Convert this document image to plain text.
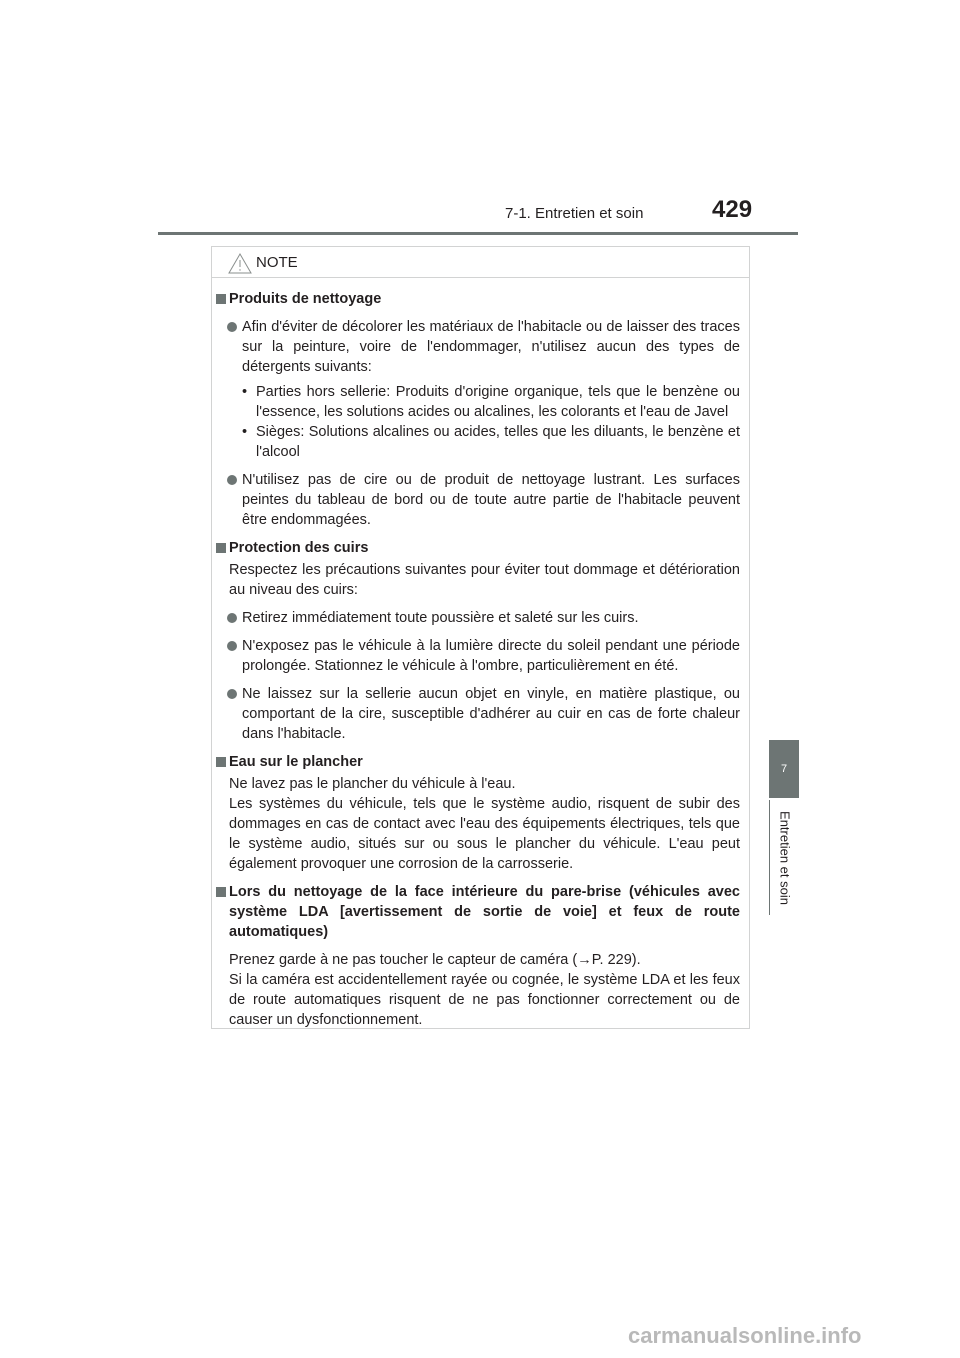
7-1. Entretien et soin	429
7
Entretien et soin
NOTE
Produits de nettoyage
Afin d'éviter de décolorer les matériaux de l'habitacle ou de laisser des traces sur la peinture, voire de l'endommager, n'utilisez aucun des types de détergents suivants:
• Parties hors sellerie: Produits d'origine organique, tels que le benzène ou l'essence, les solutions acides ou alcalines, les colorants et l'eau de Javel
• Sièges: Solutions alcalines ou acides, telles que les diluants, le benzène et l'alcool
N'utilisez pas de cire ou de produit de nettoyage lustrant. Les surfaces peintes du tableau de bord ou de toute autre partie de l'habitacle peuvent être endommagées.
Protection des cuirs
Respectez les précautions suivantes pour éviter tout dommage et détérioration au niveau des cuirs:
Retirez immédiatement toute poussière et saleté sur les cuirs.
N'exposez pas le véhicule à la lumière directe du soleil pendant une période prolongée. Stationnez le véhicule à l'ombre, particulièrement en été.
Ne laissez sur la sellerie aucun objet en vinyle, en matière plastique, ou comportant de la cire, susceptible d'adhérer au cuir en cas de forte chaleur dans l'habitacle.
Eau sur le plancher

Ne lavez pas le plancher du véhicule à l'eau.

Les systèmes du véhicule, tels que le système audio, risquent de subir des dommages en cas de contact avec l'eau des équipements électriques, tels que le système audio, situés sur ou sous le plancher du véhicule. L'eau peut également provoquer une corrosion de la carrosserie.

Lors du nettoyage de la face intérieure du pare-brise (véhicules avec système LDA [avertissement de sortie de voie] et feux de route automatiques)

Prenez garde à ne pas toucher le capteur de caméra (→P. 229).

Si la caméra est accidentellement rayée ou cognée, le système LDA et les feux de route automatiques risquent de ne pas fonctionner correctement ou de causer un dysfonctionnement.

carmanualsonline.info
